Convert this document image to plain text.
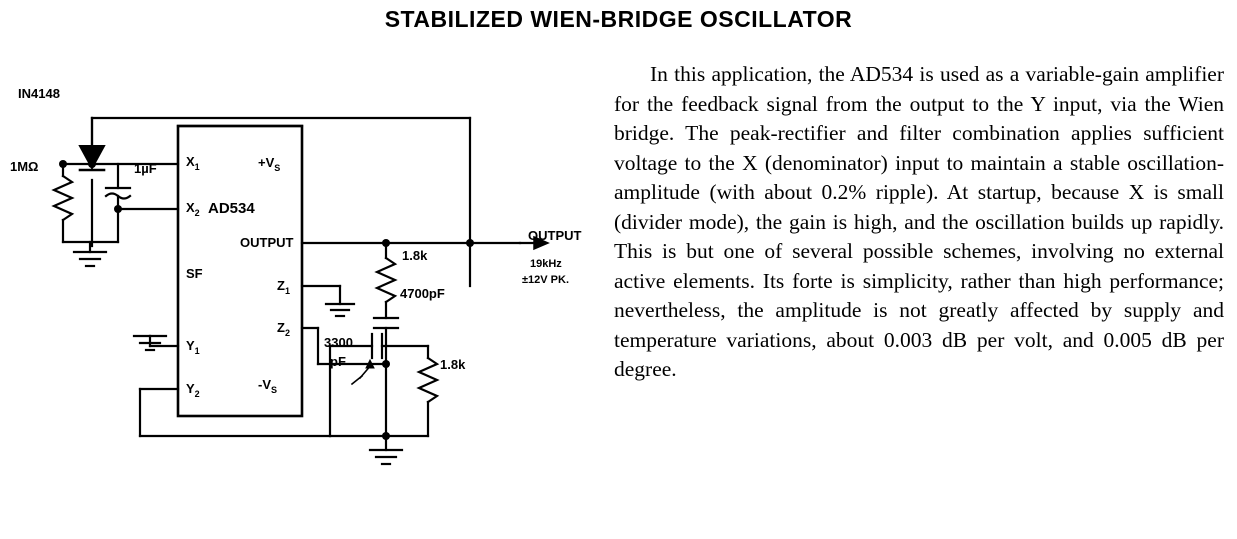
STABILIZED WIEN-BRIDGE OSCILLATOR
IN4148
1MΩ	1µF
AD534
$X_1$
$X_2$
$Y_1$
$Y_2$
$Z_1$
$Z_2$
SF
OUTPUT
$+V_S$
$-V_S$
1.8k
4700pF
3300
pF	1.8k
OUTPUT
19kHz
±12V PK.

In this application, the AD534 is used as a variable-gain amplifier for the feedback signal from the output to the Y input, via the Wien bridge. The peak-rectifier and filter combination applies sufficient voltage to the X (denominator) input to maintain a stable oscillation-amplitude (with about 0.2% ripple). At startup, because X is small (divider mode), the gain is high, and the oscillation builds up rapidly. This is but one of several possible schemes, involving no external active elements. Its forte is simplicity, rather than high performance; nevertheless, the amplitude is not greatly affected by supply and temperature variations, about 0.003 dB per volt, and 0.005 dB per degree.
